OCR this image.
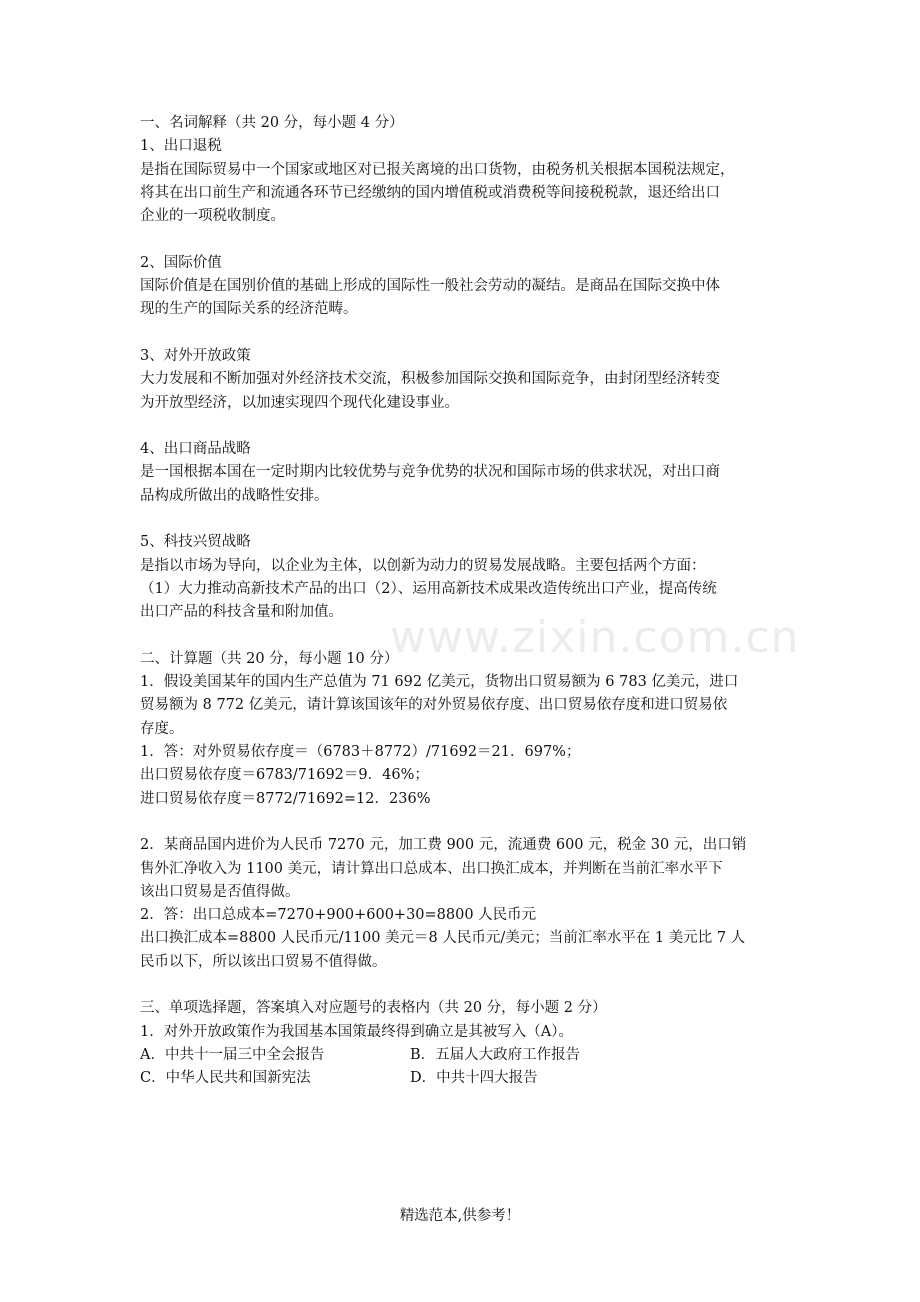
www.zixin.com.cn
一、名词解释（共 20 分，每小题 4 分）
1、出口退税
是指在国际贸易中一个国家或地区对已报关离境的出口货物，由税务机关根据本国税法规定，
将其在出口前生产和流通各环节已经缴纳的国内增值税或消费税等间接税税款，退还给出口
企业的一项税收制度。
2、国际价值
国际价值是在国别价值的基础上形成的国际性一般社会劳动的凝结。是商品在国际交换中体
现的生产的国际关系的经济范畴。
3、对外开放政策
大力发展和不断加强对外经济技术交流，积极参加国际交换和国际竞争，由封闭型经济转变
为开放型经济，以加速实现四个现代化建设事业。
4、出口商品战略
是一国根据本国在一定时期内比较优势与竞争优势的状况和国际市场的供求状况，对出口商
品构成所做出的战略性安排。
5、科技兴贸战略
是指以市场为导向，以企业为主体，以创新为动力的贸易发展战略。主要包括两个方面：
（1）大力推动高新技术产品的出口（2）、运用高新技术成果改造传统出口产业，提高传统
出口产品的科技含量和附加值。
二、计算题（共 20 分，每小题 10 分）
1．假设美国某年的国内生产总值为 71 692 亿美元，货物出口贸易额为 6 783 亿美元，进口
贸易额为 8 772 亿美元，请计算该国该年的对外贸易依存度、出口贸易依存度和进口贸易依
存度。
1．答：对外贸易依存度＝（6783＋8772）/71692＝21．697%；
出口贸易依存度＝6783/71692＝9．46%；
进口贸易依存度＝8772/71692=12．236%
2．某商品国内进价为人民币 7270 元，加工费 900 元，流通费 600 元，税金 30 元，出口销
售外汇净收入为 1100 美元，请计算出口总成本、出口换汇成本，并判断在当前汇率水平下
该出口贸易是否值得做。
2．答：出口总成本=7270+900+600+30=8800 人民币元
出口换汇成本=8800 人民币元/1100 美元＝8 人民币元/美元；当前汇率水平在 1 美元比 7 人
民币以下，所以该出口贸易不值得做。
三、单项选择题，答案填入对应题号的表格内（共 20 分，每小题 2 分）
1．对外开放政策作为我国基本国策最终得到确立是其被写入（A）。
A．中共十一届三中全会报告	B．五届人大政府工作报告
C．中华人民共和国新宪法	D．中共十四大报告
精选范本,供参考！
